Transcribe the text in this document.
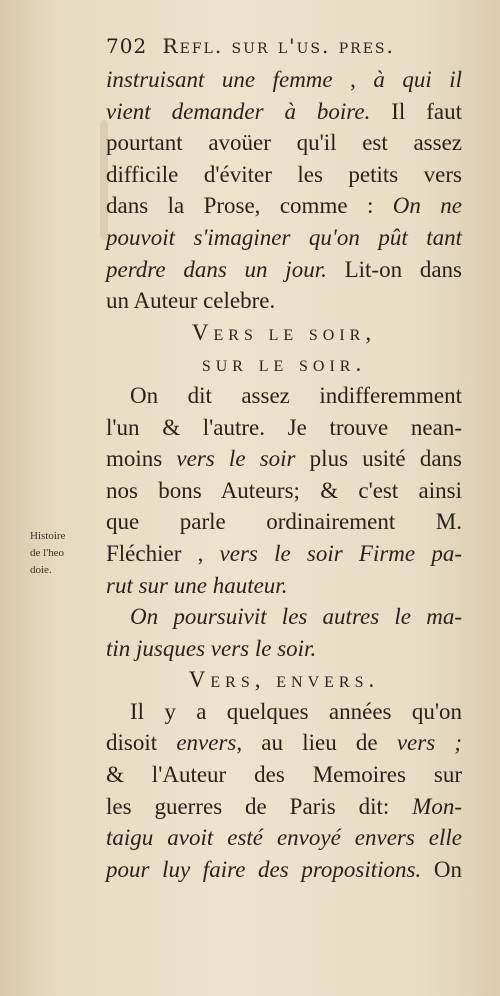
702 Refl. sur l'us. pres.
instruisant une femme , à qui il
vient demander à boire. Il faut
pourtant avoüer qu'il est assez
difficile d'éviter les petits vers
dans la Prose, comme : On ne
pouvoit s'imaginer qu'on pût tant
perdre dans un jour. Lit-on dans
un Auteur celebre.
Vers le soir,
sur le soir.
On dit assez indifferemment
l'un & l'autre. Je trouve nean-
moins vers le soir plus usité dans
nos bons Auteurs; & c'est ainsi
que parle ordinairement M.
Fléchier , vers le soir Firme pa-
rut sur une hauteur.
On poursuivit les autres le ma-
tin jusques vers le soir.
Vers, envers.
Il y a quelques années qu'on
disoit envers, au lieu de vers ;
& l'Auteur des Memoires sur
les guerres de Paris dit: Mon-
taigu avoit esté envoyé envers elle
pour luy faire des propositions. On
Histoire
de l'heo
doie.
